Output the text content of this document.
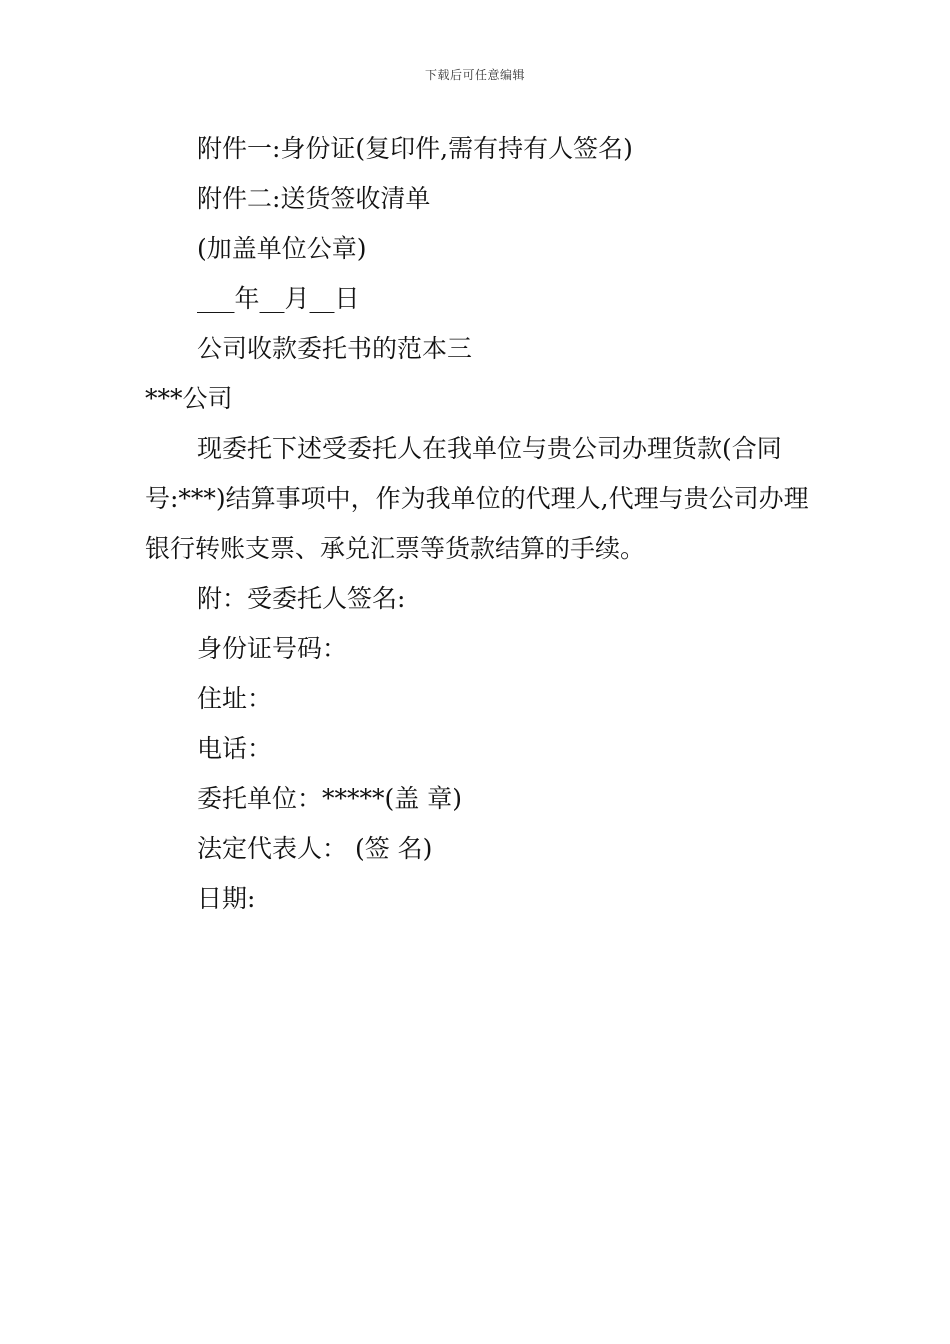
下载后可任意编辑

附件一:身份证(复印件,需有持有人签名)

附件二:送货签收清单

(加盖单位公章)

___年__月__日

公司收款委托书的范本三

***公司

现委托下述受委托人在我单位与贵公司办理货款(合同号:***)结算事项中，作为我单位的代理人,代理与贵公司办理银行转账支票、承兑汇票等货款结算的手续。

附：受委托人签名:

身份证号码：

住址：

电话：

委托单位：*****(盖 章)

法定代表人： (签 名)

日期:
